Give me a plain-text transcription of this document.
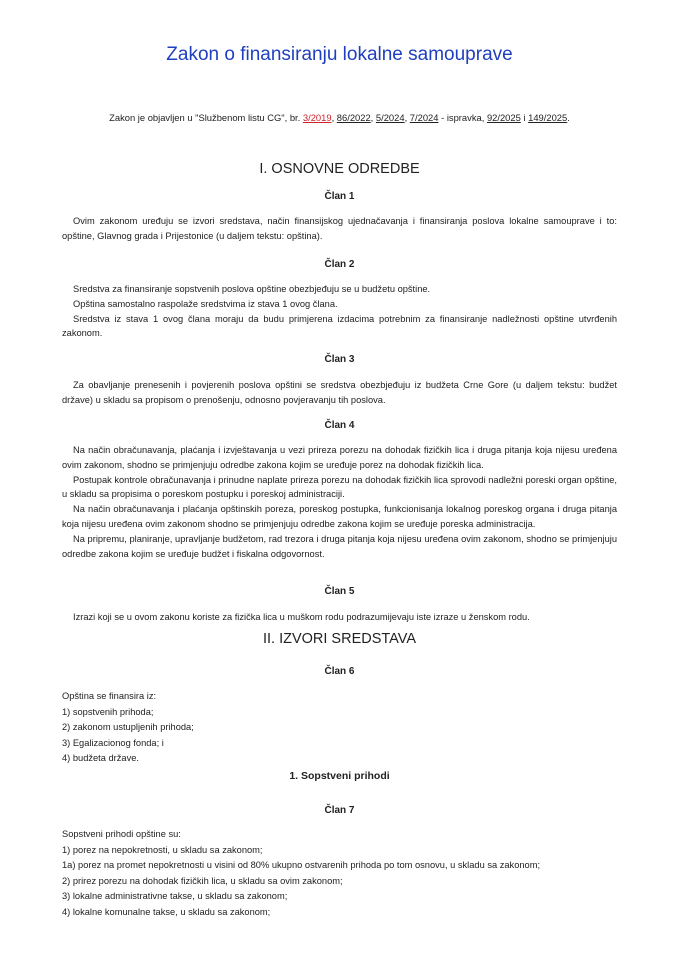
Zakon o finansiranju lokalne samouprave
Zakon je objavljen u "Službenom listu CG", br. 3/2019, 86/2022, 5/2024, 7/2024 - ispravka, 92/2025 i 149/2025.
I. OSNOVNE ODREDBE
Član 1

Ovim zakonom uređuju se izvori sredstava, način finansijskog ujednačavanja i finansiranja poslova lokalne samouprave i to: opštine, Glavnog grada i Prijestonice (u daljem tekstu: opština).

Član 2

Sredstva za finansiranje sopstvenih poslova opštine obezbjeđuju se u budžetu opštine.

Opština samostalno raspolaže sredstvima iz stava 1 ovog člana.

Sredstva iz stava 1 ovog člana moraju da budu primjerena izdacima potrebnim za finansiranje nadležnosti opštine utvrđenih zakonom.

Član 3

Za obavljanje prenesenih i povjerenih poslova opštini se sredstva obezbjeđuju iz budžeta Crne Gore (u daljem tekstu: budžet države) u skladu sa propisom o prenošenju, odnosno povjeravanju tih poslova.

Član 4

Na način obračunavanja, plaćanja i izvještavanja u vezi prireza porezu na dohodak fizičkih lica i druga pitanja koja nijesu uređena ovim zakonom, shodno se primjenjuju odredbe zakona kojim se uređuje porez na dohodak fizičkih lica.

Postupak kontrole obračunavanja i prinudne naplate prireza porezu na dohodak fizičkih lica sprovodi nadležni poreski organ opštine, u skladu sa propisima o poreskom postupku i poreskoj administraciji.

Na način obračunavanja i plaćanja opštinskih poreza, poreskog postupka, funkcionisanja lokalnog poreskog organa i druga pitanja koja nijesu uređena ovim zakonom shodno se primjenjuju odredbe zakona kojim se uređuje poreska administracija.

Na pripremu, planiranje, upravljanje budžetom, rad trezora i druga pitanja koja nijesu uređena ovim zakonom, shodno se primjenjuju odredbe zakona kojim se uređuje budžet i fiskalna odgovornost.

Član 5

Izrazi koji se u ovom zakonu koriste za fizička lica u muškom rodu podrazumijevaju iste izraze u ženskom rodu.

II. IZVORI SREDSTAVA
Član 6
Opština se finansira iz:
1) sopstvenih prihoda;
2) zakonom ustupljenih prihoda;
3) Egalizacionog fonda; i
4) budžeta države.
1. Sopstveni prihodi
Član 7
Sopstveni prihodi opštine su:
1) porez na nepokretnosti, u skladu sa zakonom;
1a) porez na promet nepokretnosti u visini od 80% ukupno ostvarenih prihoda po tom osnovu, u skladu sa zakonom;
2) prirez porezu na dohodak fizičkih lica, u skladu sa ovim zakonom;
3) lokalne administrativne takse, u skladu sa zakonom;
4) lokalne komunalne takse, u skladu sa zakonom;
